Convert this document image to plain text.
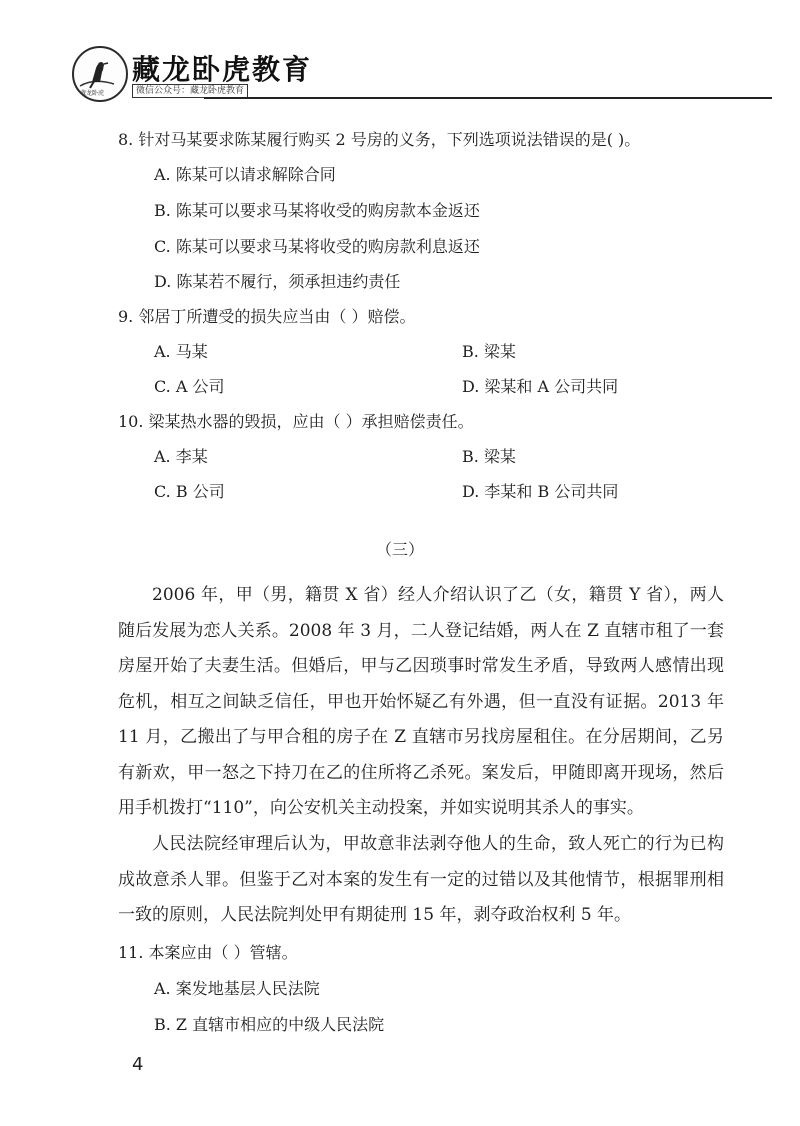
藏龙卧虎
藏龙卧虎教育
微信公众号：藏龙卧虎教育
8. 针对马某要求陈某履行购买 2 号房的义务，下列选项说法错误的是( )。
A. 陈某可以请求解除合同
B. 陈某可以要求马某将收受的购房款本金返还
C. 陈某可以要求马某将收受的购房款利息返还
D. 陈某若不履行，须承担违约责任
9. 邻居丁所遭受的损失应当由（ ）赔偿。
A. 马某	B. 梁某
C. A 公司	D. 梁某和 A 公司共同
10. 梁某热水器的毁损，应由（ ）承担赔偿责任。
A. 李某	B. 梁某
C. B 公司	D. 李某和 B 公司共同
（三）
2006 年，甲（男，籍贯 X 省）经人介绍认识了乙（女，籍贯 Y 省），两人随后发展为恋人关系。2008 年 3 月，二人登记结婚，两人在 Z 直辖市租了一套房屋开始了夫妻生活。但婚后，甲与乙因琐事时常发生矛盾，导致两人感情出现危机，相互之间缺乏信任，甲也开始怀疑乙有外遇，但一直没有证据。2013 年 11 月，乙搬出了与甲合租的房子在 Z 直辖市另找房屋租住。在分居期间，乙另有新欢，甲一怒之下持刀在乙的住所将乙杀死。案发后，甲随即离开现场，然后用手机拨打“110”，向公安机关主动投案，并如实说明其杀人的事实。
人民法院经审理后认为，甲故意非法剥夺他人的生命，致人死亡的行为已构成故意杀人罪。但鉴于乙对本案的发生有一定的过错以及其他情节，根据罪刑相一致的原则，人民法院判处甲有期徒刑 15 年，剥夺政治权利 5 年。
11. 本案应由（ ）管辖。
A. 案发地基层人民法院
B. Z 直辖市相应的中级人民法院
4
